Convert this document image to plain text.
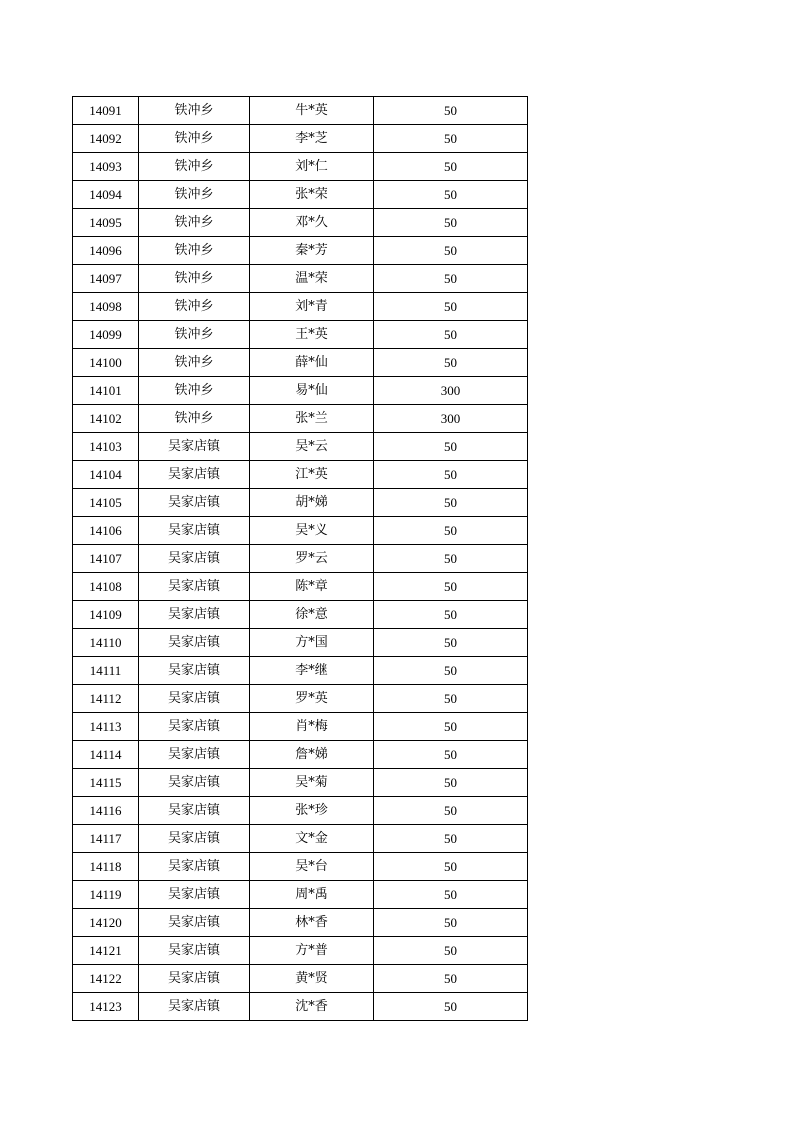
14091	铁冲乡	牛*英	50
14092	铁冲乡	李*芝	50
14093	铁冲乡	刘*仁	50
14094	铁冲乡	张*荣	50
14095	铁冲乡	邓*久	50
14096	铁冲乡	秦*芳	50
14097	铁冲乡	温*荣	50
14098	铁冲乡	刘*青	50
14099	铁冲乡	王*英	50
14100	铁冲乡	薛*仙	50
14101	铁冲乡	易*仙	300
14102	铁冲乡	张*兰	300
14103	吴家店镇	吴*云	50
14104	吴家店镇	江*英	50
14105	吴家店镇	胡*娣	50
14106	吴家店镇	吴*义	50
14107	吴家店镇	罗*云	50
14108	吴家店镇	陈*章	50
14109	吴家店镇	徐*意	50
14110	吴家店镇	方*国	50
14111	吴家店镇	李*继	50
14112	吴家店镇	罗*英	50
14113	吴家店镇	肖*梅	50
14114	吴家店镇	詹*娣	50
14115	吴家店镇	吴*菊	50
14116	吴家店镇	张*珍	50
14117	吴家店镇	文*金	50
14118	吴家店镇	吴*台	50
14119	吴家店镇	周*禹	50
14120	吴家店镇	林*香	50
14121	吴家店镇	方*普	50
14122	吴家店镇	黄*贤	50
14123	吴家店镇	沈*香	50
